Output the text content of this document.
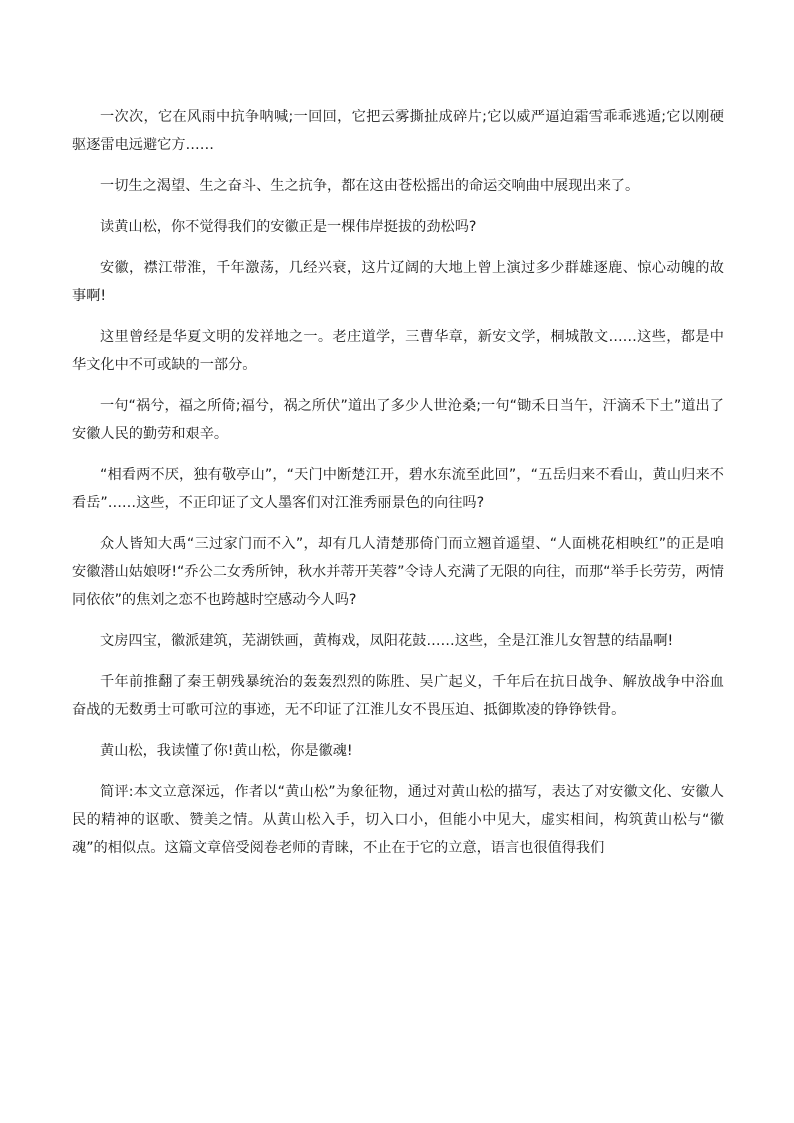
一次次，它在风雨中抗争呐喊;一回回，它把云雾撕扯成碎片;它以威严逼迫霜雪乖乖逃遁;它以刚硬驱逐雷电远避它方……

一切生之渴望、生之奋斗、生之抗争，都在这由苍松摇出的命运交响曲中展现出来了。

读黄山松，你不觉得我们的安徽正是一棵伟岸挺拔的劲松吗?

安徽，襟江带淮，千年激荡，几经兴衰，这片辽阔的大地上曾上演过多少群雄逐鹿、惊心动魄的故事啊!

这里曾经是华夏文明的发祥地之一。老庄道学，三曹华章，新安文学，桐城散文……这些，都是中华文化中不可或缺的一部分。

一句“祸兮，福之所倚;福兮，祸之所伏”道出了多少人世沧桑;一句“锄禾日当午，汗滴禾下土”道出了安徽人民的勤劳和艰辛。

“相看两不厌，独有敬亭山”，“天门中断楚江开，碧水东流至此回”，“五岳归来不看山，黄山归来不看岳”……这些，不正印证了文人墨客们对江淮秀丽景色的向往吗?

众人皆知大禹“三过家门而不入”，却有几人清楚那倚门而立翘首遥望、“人面桃花相映红”的正是咱安徽潜山姑娘呀!“乔公二女秀所钟，秋水并蒂开芙蓉”令诗人充满了无限的向往，而那“举手长劳劳，两情同依依”的焦刘之恋不也跨越时空感动今人吗?

文房四宝，徽派建筑，芜湖铁画，黄梅戏，凤阳花鼓……这些，全是江淮儿女智慧的结晶啊!

千年前推翻了秦王朝残暴统治的轰轰烈烈的陈胜、吴广起义，千年后在抗日战争、解放战争中浴血奋战的无数勇士可歌可泣的事迹，无不印证了江淮儿女不畏压迫、抵御欺凌的铮铮铁骨。

黄山松，我读懂了你!黄山松，你是徽魂!

简评:本文立意深远，作者以“黄山松”为象征物，通过对黄山松的描写，表达了对安徽文化、安徽人民的精神的讴歌、赞美之情。从黄山松入手，切入口小，但能小中见大，虚实相间，构筑黄山松与“徽魂”的相似点。这篇文章倍受阅卷老师的青睐，不止在于它的立意，语言也很值得我们
